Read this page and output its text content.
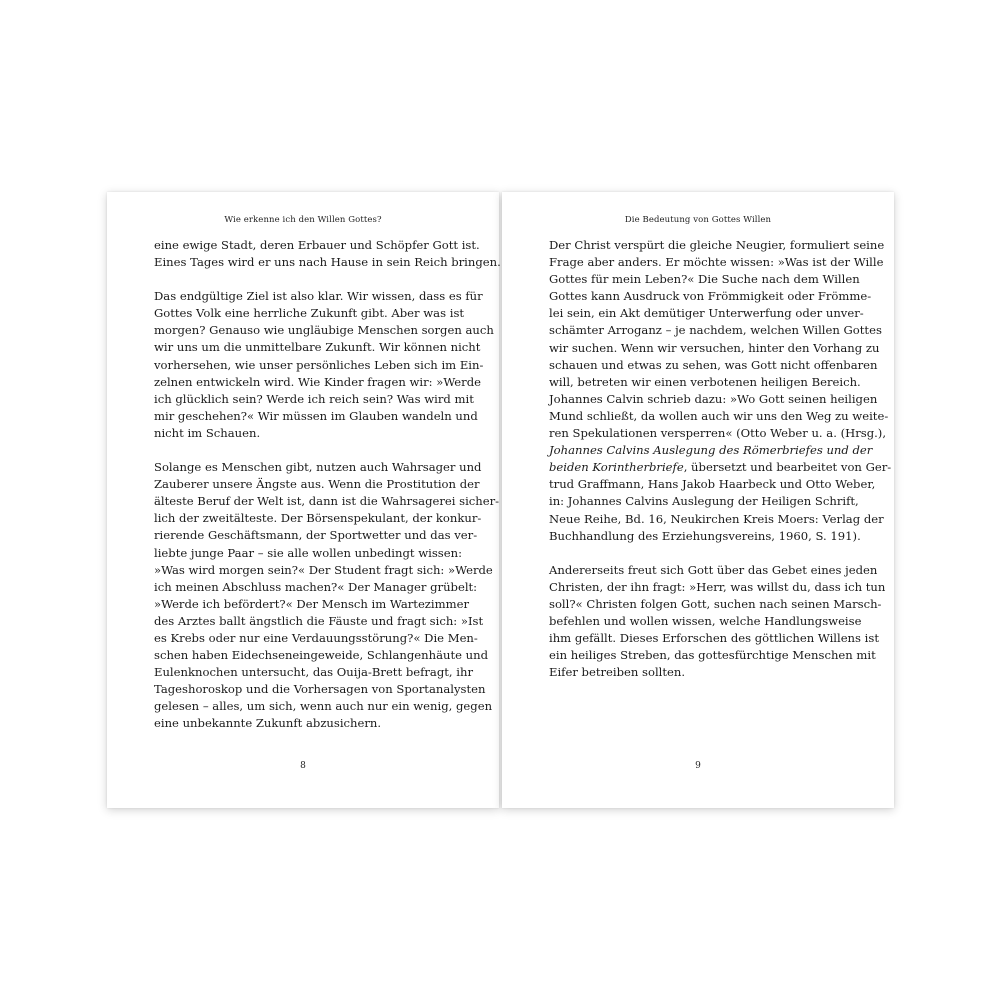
Wie erkenne ich den Willen Gottes?
eine ewige Stadt, deren Erbauer und Schöpfer Gott ist.
Eines Tages wird er uns nach Hause in sein Reich bringen.
Das endgültige Ziel ist also klar. Wir wissen, dass es für
Gottes Volk eine herrliche Zukunft gibt. Aber was ist
morgen? Genauso wie ungläubige Menschen sorgen auch
wir uns um die unmittelbare Zukunft. Wir können nicht
vorhersehen, wie unser persönliches Leben sich im Ein-
zelnen entwickeln wird. Wie Kinder fragen wir: »Werde
ich glücklich sein? Werde ich reich sein? Was wird mit
mir geschehen?« Wir müssen im Glauben wandeln und
nicht im Schauen.
Solange es Menschen gibt, nutzen auch Wahrsager und
Zauberer unsere Ängste aus. Wenn die Prostitution der
älteste Beruf der Welt ist, dann ist die Wahrsagerei sicher-
lich der zweitälteste. Der Börsenspekulant, der konkur-
rierende Geschäftsmann, der Sportwetter und das ver-
liebte junge Paar – sie alle wollen unbedingt wissen:
»Was wird morgen sein?« Der Student fragt sich: »Werde
ich meinen Abschluss machen?« Der Manager grübelt:
»Werde ich befördert?« Der Mensch im Wartezimmer
des Arztes ballt ängstlich die Fäuste und fragt sich: »Ist
es Krebs oder nur eine Verdauungsstörung?« Die Men-
schen haben Eidechseneingeweide, Schlangenhäute und
Eulenknochen untersucht, das Ouija-Brett befragt, ihr
Tageshoroskop und die Vorhersagen von Sportanalysten
gelesen – alles, um sich, wenn auch nur ein wenig, gegen
eine unbekannte Zukunft abzusichern.
8
Die Bedeutung von Gottes Willen
Der Christ verspürt die gleiche Neugier, formuliert seine
Frage aber anders. Er möchte wissen: »Was ist der Wille
Gottes für mein Leben?« Die Suche nach dem Willen
Gottes kann Ausdruck von Frömmigkeit oder Frömme-
lei sein, ein Akt demütiger Unterwerfung oder unver-
schämter Arroganz – je nachdem, welchen Willen Gottes
wir suchen. Wenn wir versuchen, hinter den Vorhang zu
schauen und etwas zu sehen, was Gott nicht offenbaren
will, betreten wir einen verbotenen heiligen Bereich.
Johannes Calvin schrieb dazu: »Wo Gott seinen heiligen
Mund schließt, da wollen auch wir uns den Weg zu weite-
ren Spekulationen versperren« (Otto Weber u. a. (Hrsg.),
Johannes Calvins Auslegung des Römerbriefes und der
beiden Korintherbriefe, übersetzt und bearbeitet von Ger-
trud Graffmann, Hans Jakob Haarbeck und Otto Weber,
in: Johannes Calvins Auslegung der Heiligen Schrift,
Neue Reihe, Bd. 16, Neukirchen Kreis Moers: Verlag der
Buchhandlung des Erziehungsvereins, 1960, S. 191).
Andererseits freut sich Gott über das Gebet eines jeden
Christen, der ihn fragt: »Herr, was willst du, dass ich tun
soll?« Christen folgen Gott, suchen nach seinen Marsch-
befehlen und wollen wissen, welche Handlungsweise
ihm gefällt. Dieses Erforschen des göttlichen Willens ist
ein heiliges Streben, das gottesfürchtige Menschen mit
Eifer betreiben sollten.
9
